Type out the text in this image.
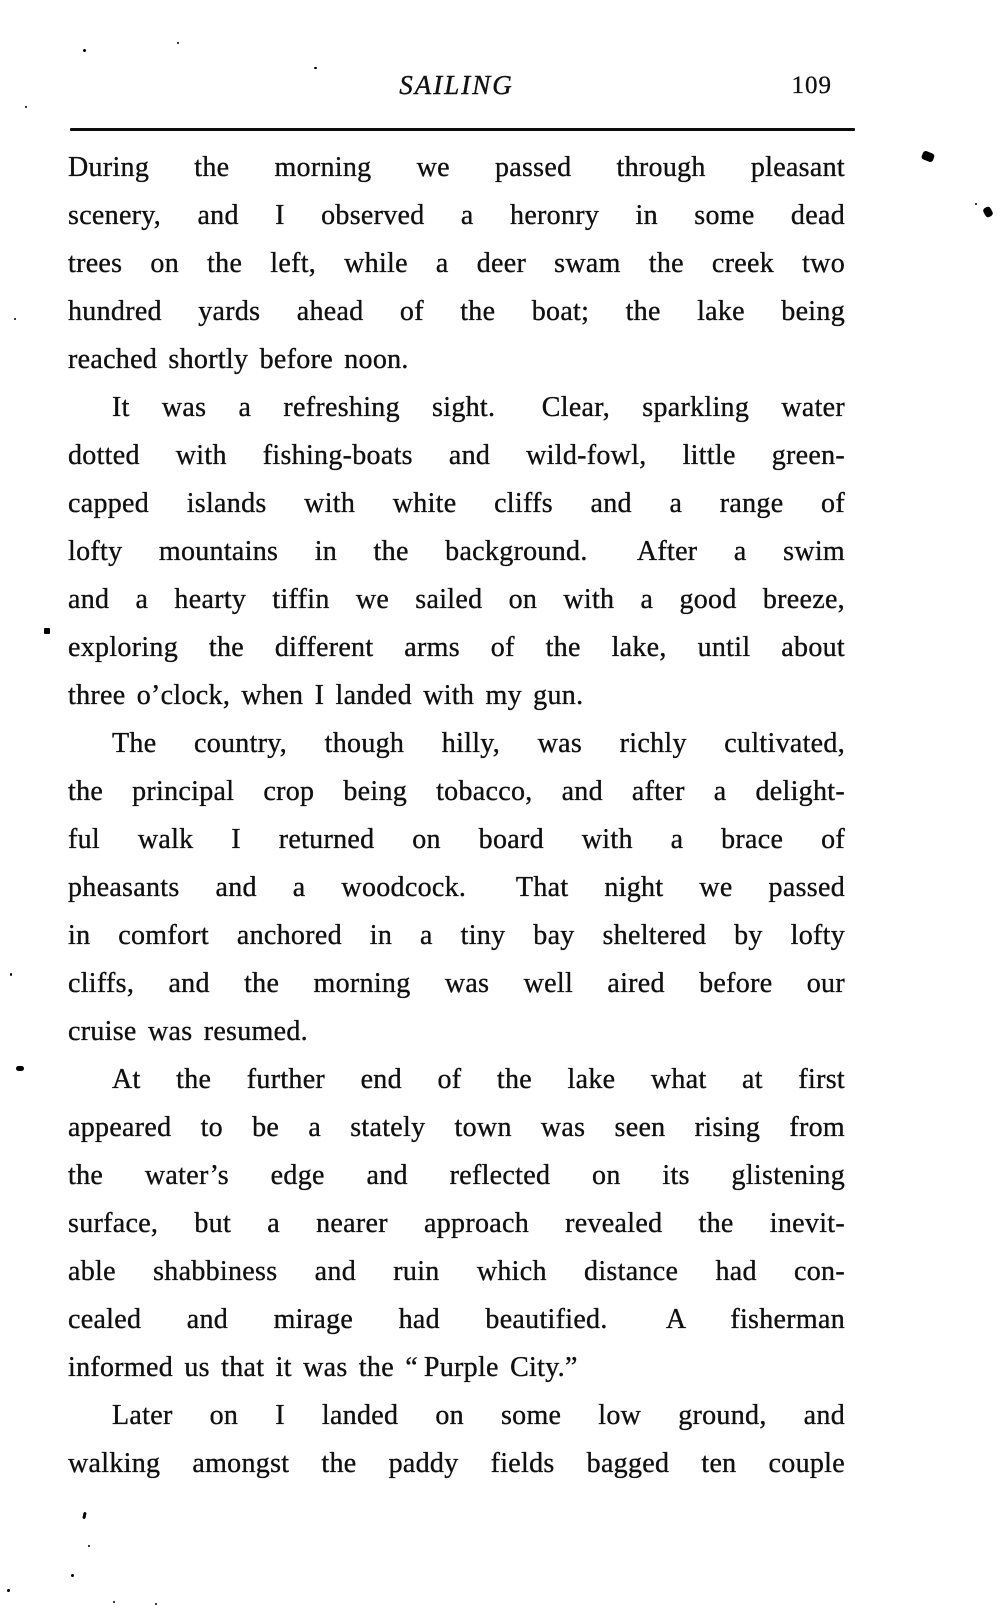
SAILING	109
During the morning we passed through pleasant
scenery, and I observed a heronry in some dead
trees on the left, while a deer swam the creek two
hundred yards ahead of the boat; the lake being
reached shortly before noon.
It was a refreshing sight.  Clear, sparkling water
dotted with fishing-boats and wild-fowl, little green-
capped islands with white cliffs and a range of
lofty mountains in the background.  After a swim
and a hearty tiffin we sailed on with a good breeze,
exploring the different arms of the lake, until about
three o’clock, when I landed with my gun.
The country, though hilly, was richly cultivated,
the principal crop being tobacco, and after a delight-
ful walk I returned on board with a brace of
pheasants and a woodcock.  That night we passed
in comfort anchored in a tiny bay sheltered by lofty
cliffs, and the morning was well aired before our
cruise was resumed.
At the further end of the lake what at first
appeared to be a stately town was seen rising from
the water’s edge and reflected on its glistening
surface, but a nearer approach revealed the inevit-
able shabbiness and ruin which distance had con-
cealed and mirage had beautified.  A fisherman
informed us that it was the “ Purple City.”
Later on I landed on some low ground, and
walking amongst the paddy fields bagged ten couple
